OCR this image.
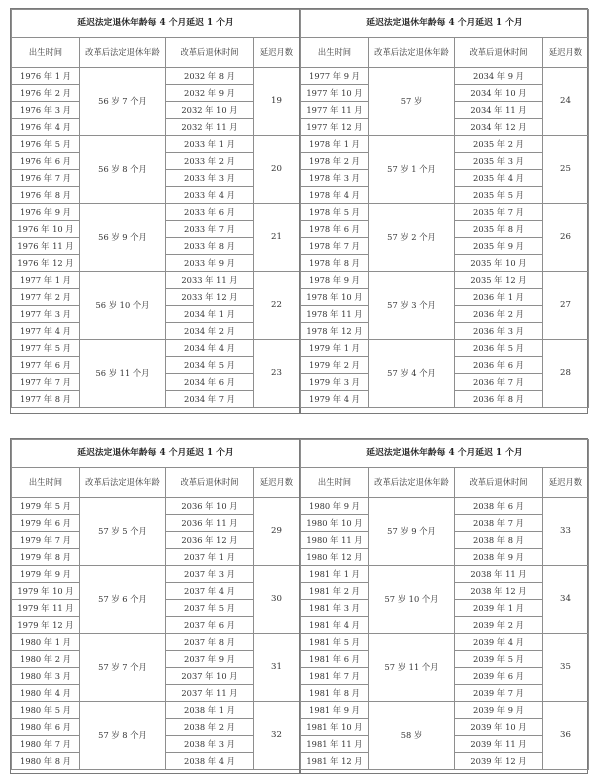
延迟法定退休年龄每 4 个月延迟 1 个月			
出生时间	改革后法定退休年龄	改革后退休时间	延迟月数
1976 年 1 月	56 岁 7 个月	2032 年 8 月	19
1976 年 2 月		2032 年 9 月	
1976 年 3 月		2032 年 10 月	
1976 年 4 月		2032 年 11 月	
1976 年 5 月	56 岁 8 个月	2033 年 1 月	20
1976 年 6 月		2033 年 2 月	
1976 年 7 月		2033 年 3 月	
1976 年 8 月		2033 年 4 月	
1976 年 9 月	56 岁 9 个月	2033 年 6 月	21
1976 年 10 月		2033 年 7 月	
1976 年 11 月		2033 年 8 月	
1976 年 12 月		2033 年 9 月	
1977 年 1 月	56 岁 10 个月	2033 年 11 月	22
1977 年 2 月		2033 年 12 月	
1977 年 3 月		2034 年 1 月	
1977 年 4 月		2034 年 2 月	
1977 年 5 月	56 岁 11 个月	2034 年 4 月	23
1977 年 6 月		2034 年 5 月	
1977 年 7 月		2034 年 6 月	
1977 年 8 月		2034 年 7 月	
延迟法定退休年龄每 4 个月延迟 1 个月			
出生时间	改革后法定退休年龄	改革后退休时间	延迟月数
1977 年 9 月	57 岁	2034 年 9 月	24
1977 年 10 月		2034 年 10 月	
1977 年 11 月		2034 年 11 月	
1977 年 12 月		2034 年 12 月	
1978 年 1 月	57 岁 1 个月	2035 年 2 月	25
1978 年 2 月		2035 年 3 月	
1978 年 3 月		2035 年 4 月	
1978 年 4 月		2035 年 5 月	
1978 年 5 月	57 岁 2 个月	2035 年 7 月	26
1978 年 6 月		2035 年 8 月	
1978 年 7 月		2035 年 9 月	
1978 年 8 月		2035 年 10 月	
1978 年 9 月	57 岁 3 个月	2035 年 12 月	27
1978 年 10 月		2036 年 1 月	
1978 年 11 月		2036 年 2 月	
1978 年 12 月		2036 年 3 月	
1979 年 1 月	57 岁 4 个月	2036 年 5 月	28
1979 年 2 月		2036 年 6 月	
1979 年 3 月		2036 年 7 月	
1979 年 4 月		2036 年 8 月	
延迟法定退休年龄每 4 个月延迟 1 个月			
出生时间	改革后法定退休年龄	改革后退休时间	延迟月数
1979 年 5 月	57 岁 5 个月	2036 年 10 月	29
1979 年 6 月		2036 年 11 月	
1979 年 7 月		2036 年 12 月	
1979 年 8 月		2037 年 1 月	
1979 年 9 月	57 岁 6 个月	2037 年 3 月	30
1979 年 10 月		2037 年 4 月	
1979 年 11 月		2037 年 5 月	
1979 年 12 月		2037 年 6 月	
1980 年 1 月	57 岁 7 个月	2037 年 8 月	31
1980 年 2 月		2037 年 9 月	
1980 年 3 月		2037 年 10 月	
1980 年 4 月		2037 年 11 月	
1980 年 5 月	57 岁 8 个月	2038 年 1 月	32
1980 年 6 月		2038 年 2 月	
1980 年 7 月		2038 年 3 月	
1980 年 8 月		2038 年 4 月	
延迟法定退休年龄每 4 个月延迟 1 个月			
出生时间	改革后法定退休年龄	改革后退休时间	延迟月数
1980 年 9 月	57 岁 9 个月	2038 年 6 月	33
1980 年 10 月		2038 年 7 月	
1980 年 11 月		2038 年 8 月	
1980 年 12 月		2038 年 9 月	
1981 年 1 月	57 岁 10 个月	2038 年 11 月	34
1981 年 2 月		2038 年 12 月	
1981 年 3 月		2039 年 1 月	
1981 年 4 月		2039 年 2 月	
1981 年 5 月	57 岁 11 个月	2039 年 4 月	35
1981 年 6 月		2039 年 5 月	
1981 年 7 月		2039 年 6 月	
1981 年 8 月		2039 年 7 月	
1981 年 9 月	58 岁	2039 年 9 月	36
1981 年 10 月		2039 年 10 月	
1981 年 11 月		2039 年 11 月	
1981 年 12 月		2039 年 12 月	
